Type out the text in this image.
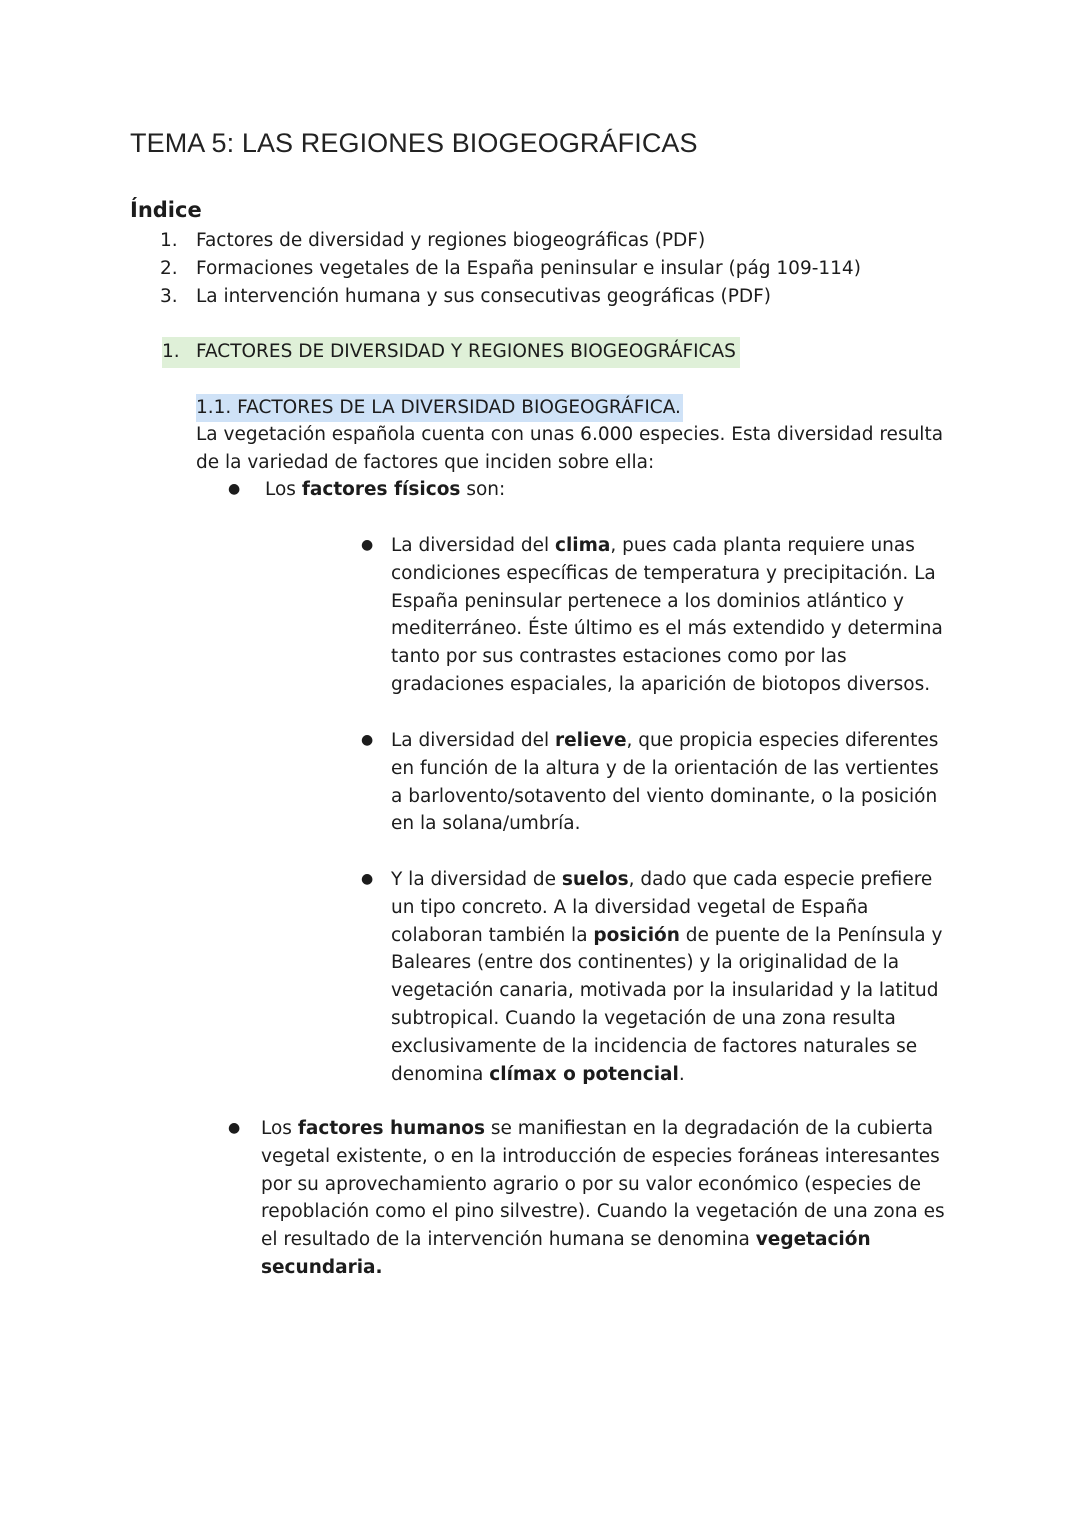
TEMA 5: LAS REGIONES BIOGEOGRÁFICAS
Índice
1. Factores de diversidad y regiones biogeográficas (PDF)
2. Formaciones vegetales de la España peninsular e insular (pág 109-114)
3. La intervención humana y sus consecutivas geográficas (PDF)
1. FACTORES DE DIVERSIDAD Y REGIONES BIOGEOGRÁFICAS
1.1. FACTORES DE LA DIVERSIDAD BIOGEOGRÁFICA.
La vegetación española cuenta con unas 6.000 especies. Esta diversidad resulta de la variedad de factores que inciden sobre ella:
● Los factores físicos son:
● La diversidad del clima, pues cada planta requiere unas condiciones específicas de temperatura y precipitación. La España peninsular pertenece a los dominios atlántico y mediterráneo. Éste último es el más extendido y determina tanto por sus contrastes estaciones como por las gradaciones espaciales, la aparición de biotopos diversos.
● La diversidad del relieve, que propicia especies diferentes en función de la altura y de la orientación de las vertientes a barlovento/sotavento del viento dominante, o la posición en la solana/umbría.
● Y la diversidad de suelos, dado que cada especie prefiere un tipo concreto. A la diversidad vegetal de España colaboran también la posición de puente de la Península y Baleares (entre dos continentes) y la originalidad de la vegetación canaria, motivada por la insularidad y la latitud subtropical. Cuando la vegetación de una zona resulta exclusivamente de la incidencia de factores naturales se denomina clímax o potencial.
● Los factores humanos se manifiestan en la degradación de la cubierta vegetal existente, o en la introducción de especies foráneas interesantes por su aprovechamiento agrario o por su valor económico (especies de repoblación como el pino silvestre). Cuando la vegetación de una zona es el resultado de la intervención humana se denomina vegetación secundaria.
